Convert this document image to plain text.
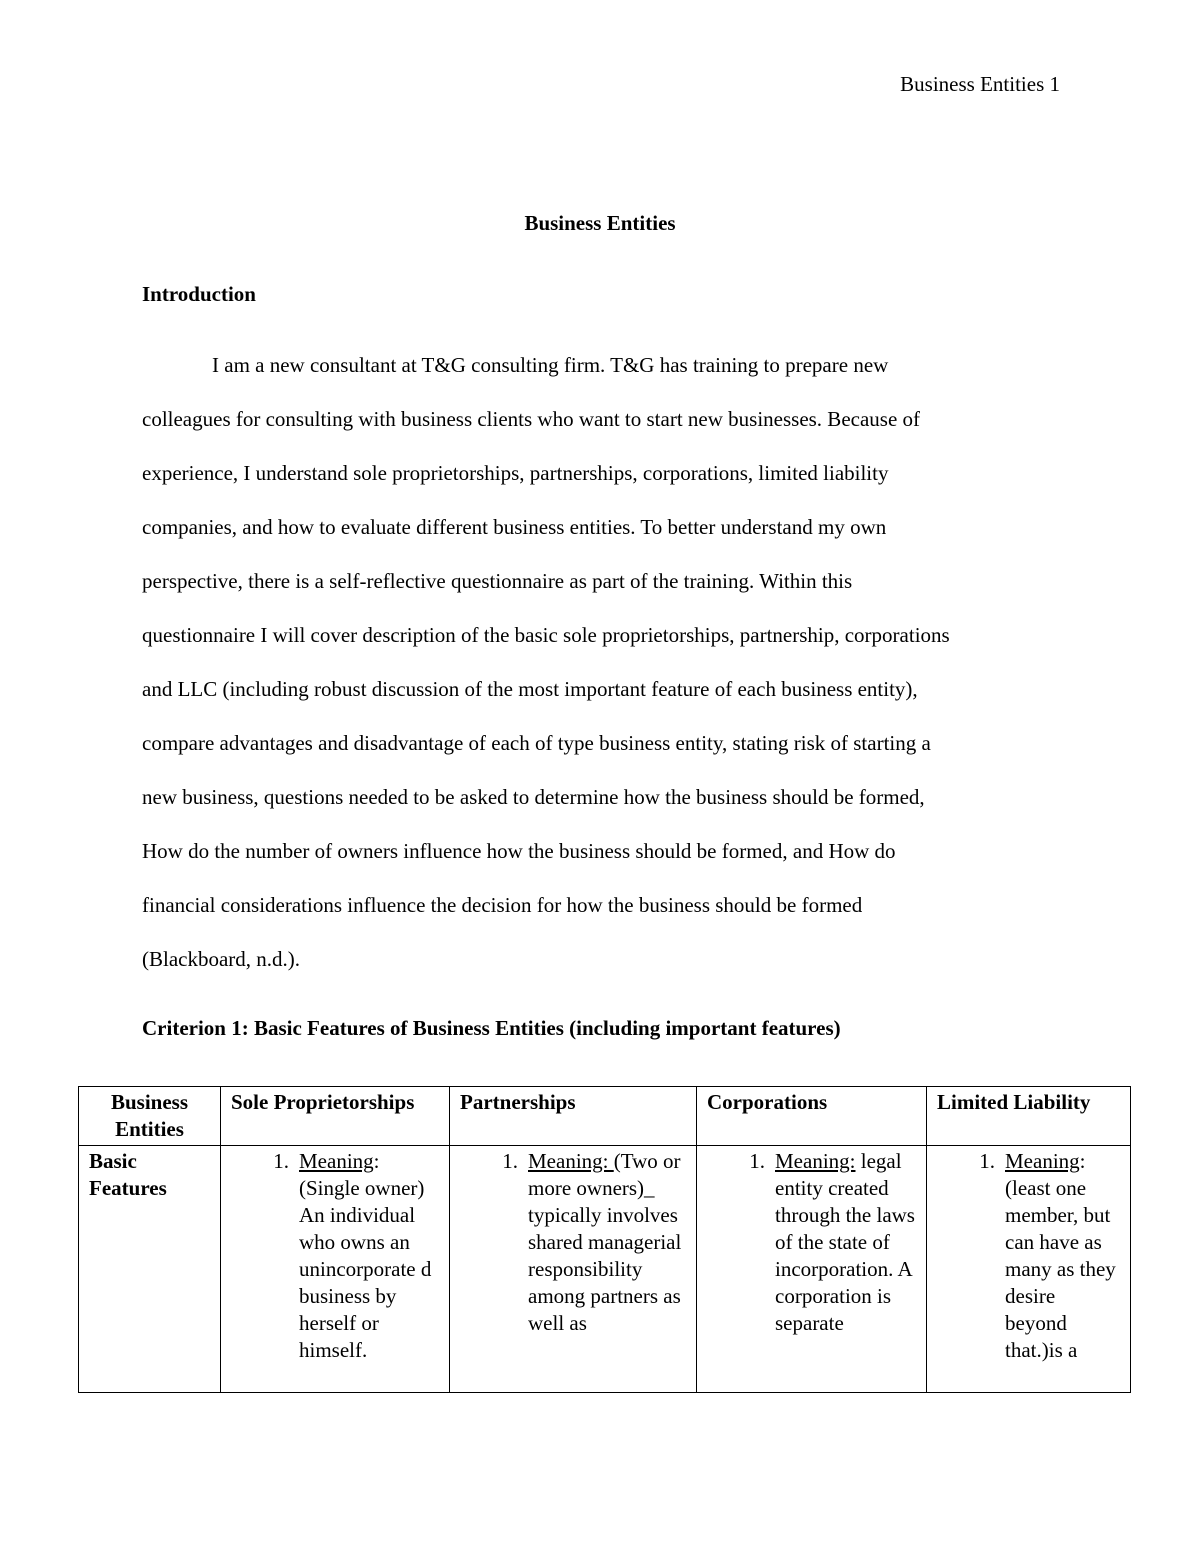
Business Entities 1
Business Entities
Introduction

I am a new consultant at T&G consulting firm. T&G has training to prepare new
colleagues for consulting with business clients who want to start new businesses. Because of
experience, I understand sole proprietorships, partnerships, corporations, limited liability
companies, and how to evaluate different business entities. To better understand my own
perspective, there is a self-reflective questionnaire as part of the training. Within this
questionnaire I will cover description of the basic sole proprietorships, partnership, corporations
and LLC (including robust discussion of the most important feature of each business entity),
compare advantages and disadvantage of each of type business entity, stating risk of starting a
new business, questions needed to be asked to determine how the business should be formed,
How do the number of owners influence how the business should be formed, and How do
financial considerations influence the decision for how the business should be formed
(Blackboard, n.d.).

Criterion 1: Basic Features of Business Entities (including important features)
Business Entities	Sole Proprietorships	Partnerships	Corporations	Limited Liability
Basic Features	1. Meaning: (Single owner) An individual who owns an unincorporate d business by herself or himself.	1. Meaning: (Two or more owners)_ typically involves shared managerial responsibility among partners as well as	1. Meaning: legal entity created through the laws of the state of incorporation. A corporation is separate	1. Meaning: (least one member, but can have as many as they desire beyond that.)is a
